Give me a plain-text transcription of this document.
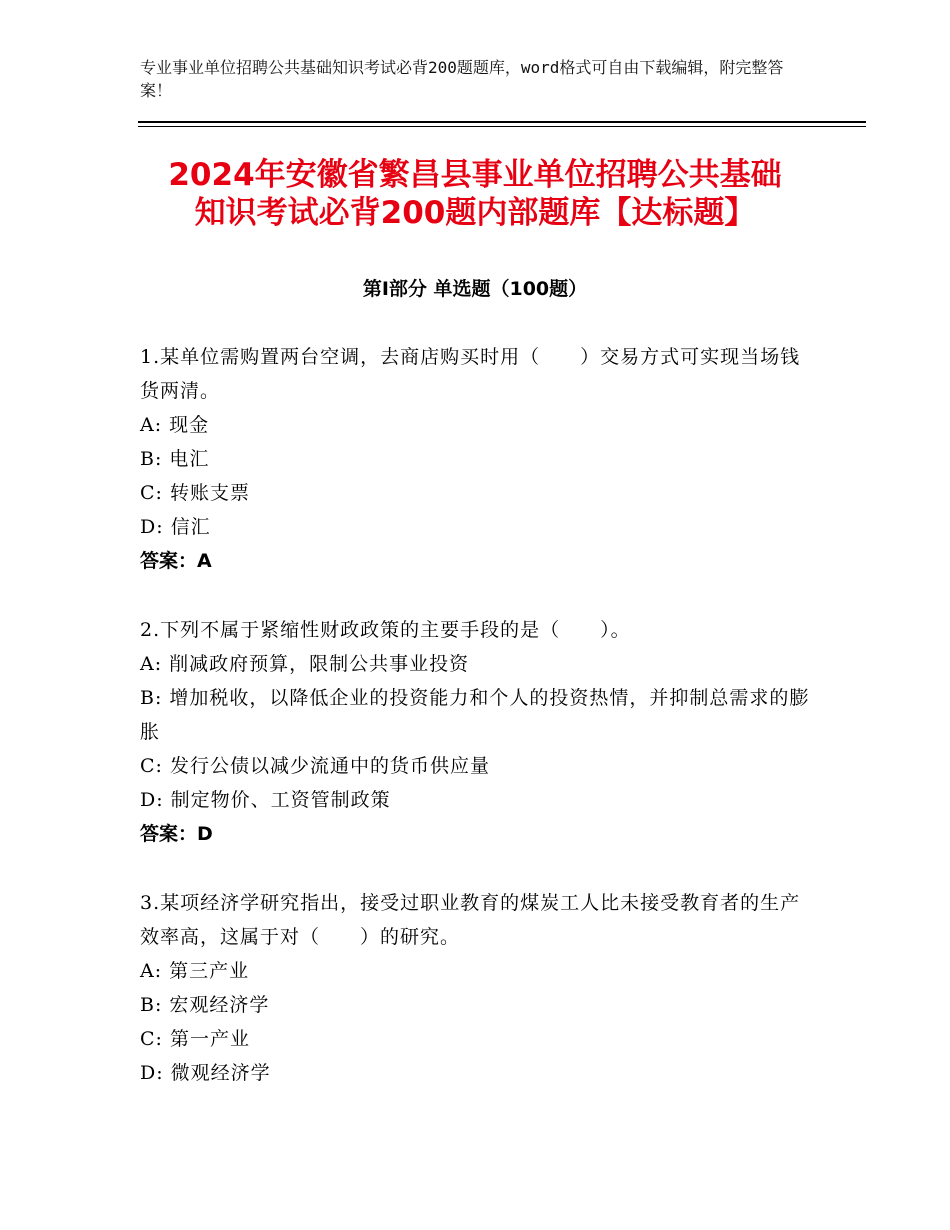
专业事业单位招聘公共基础知识考试必背200题题库，word格式可自由下载编辑，附完整答案！
2024年安徽省繁昌县事业单位招聘公共基础
知识考试必背200题内部题库【达标题】
第Ⅰ部分 单选题（100题）
1.某单位需购置两台空调，去商店购买时用（　　）交易方式可实现当场钱货两清。
A: 现金
B: 电汇
C: 转账支票
D: 信汇
答案：A
2.下列不属于紧缩性财政政策的主要手段的是（　　）。
A: 削减政府预算，限制公共事业投资
B: 增加税收，以降低企业的投资能力和个人的投资热情，并抑制总需求的膨胀
C: 发行公债以减少流通中的货币供应量
D: 制定物价、工资管制政策
答案：D
3.某项经济学研究指出，接受过职业教育的煤炭工人比未接受教育者的生产效率高，这属于对（　　）的研究。
A: 第三产业
B: 宏观经济学
C: 第一产业
D: 微观经济学
